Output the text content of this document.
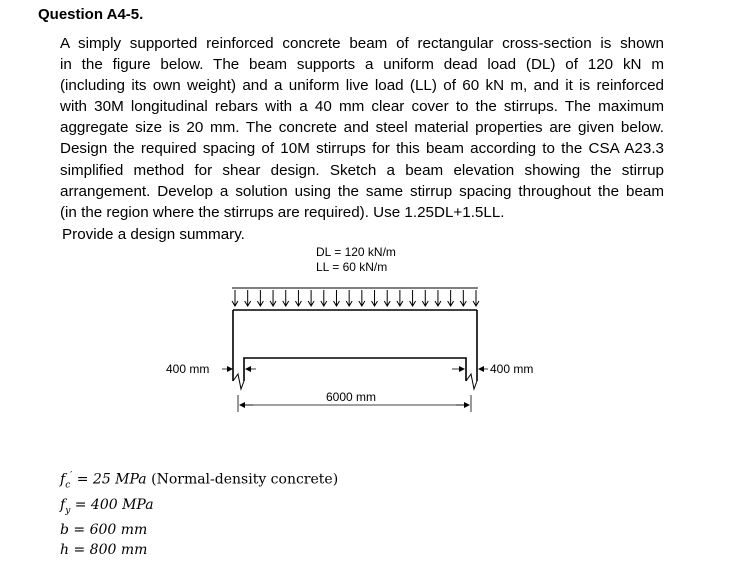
Question A4-5.
A simply supported reinforced concrete beam of rectangular cross-section is shown
in the figure below. The beam supports a uniform dead load (DL) of 120 kN m
(including its own weight) and a uniform live load (LL) of 60 kN m, and it is reinforced
with 30M longitudinal rebars with a 40 mm clear cover to the stirrups. The maximum
aggregate size is 20 mm. The concrete and steel material properties are given below.
Design the required spacing of 10M stirrups for this beam according to the CSA A23.3
simplified method for shear design. Sketch a beam elevation showing the stirrup
arrangement. Develop a solution using the same stirrup spacing throughout the beam
(in the region where the stirrups are required). Use 1.25DL+1.5LL.
Provide a design summary.
DL = 120 kN/m
LL = 60 kN/m
400 mm	400 mm
6000 mm
$f_c' = 25$ MPa (Normal-density concrete)
$f_y = 400$ MPa
b = 600 mm
h = 800 mm
